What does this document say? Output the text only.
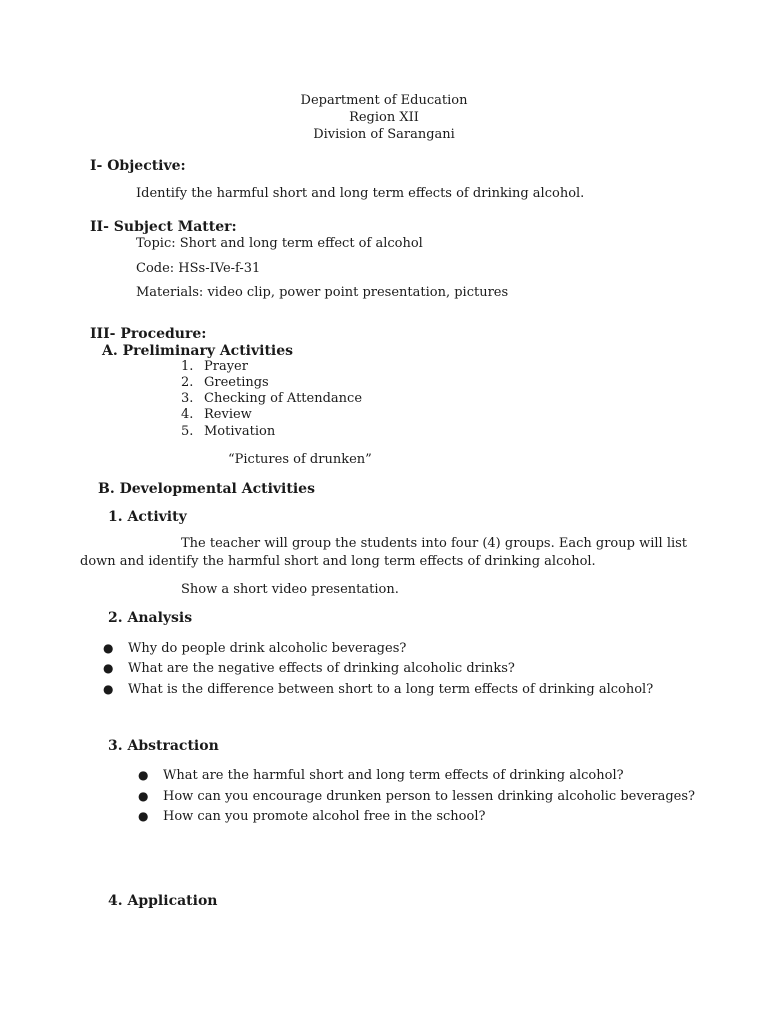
Department of Education
Region XII
Division of Sarangani
I- Objective:
Identify the harmful short and long term effects of drinking alcohol.
II- Subject Matter:
Topic: Short and long term effect of alcohol
Code: HSs-IVe-f-31
Materials: video clip, power point presentation, pictures
III- Procedure:
A. Preliminary Activities
1. Prayer
2. Greetings
3. Checking of Attendance
4. Review
5. Motivation
“Pictures of drunken”
B. Developmental Activities
1. Activity
The teacher will group the students into four (4) groups. Each group will list
down and identify the harmful short and long term effects of drinking alcohol.
Show a short video presentation.
2. Analysis
● Why do people drink alcoholic beverages?
● What are the negative effects of drinking alcoholic drinks?
● What is the difference between short to a long term effects of drinking alcohol?
3. Abstraction
● What are the harmful short and long term effects of drinking alcohol?
● How can you encourage drunken person to lessen drinking alcoholic beverages?
● How can you promote alcohol free in the school?
4. Application
